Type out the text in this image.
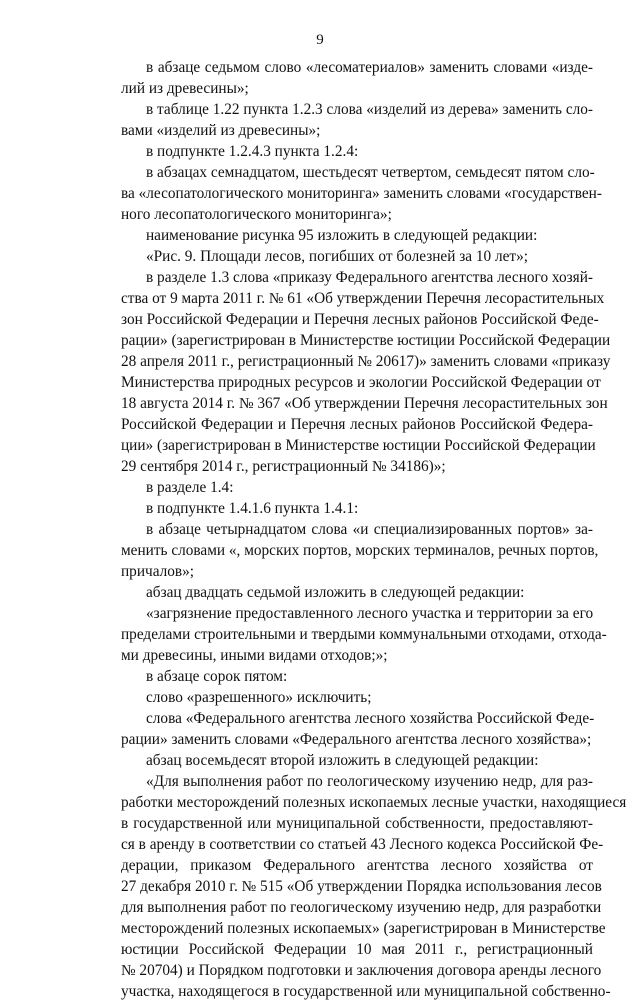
9
в абзаце седьмом слово «лесоматериалов» заменить словами «изде-
лий из древесины»;
в таблице 1.22 пункта 1.2.3 слова «изделий из дерева» заменить сло-
вами «изделий из древесины»;
в подпункте 1.2.4.3 пункта 1.2.4:
в абзацах семнадцатом, шестьдесят четвертом, семьдесят пятом сло-
ва «лесопатологического мониторинга» заменить словами «государствен-
ного лесопатологического мониторинга»;
наименование рисунка 95 изложить в следующей редакции:
«Рис. 9. Площади лесов, погибших от болезней за 10 лет»;
в разделе 1.3 слова «приказу Федерального агентства лесного хозяй-
ства от 9 марта 2011 г. № 61 «Об утверждении Перечня лесорастительных
зон Российской Федерации и Перечня лесных районов Российской Феде-
рации» (зарегистрирован в Министерстве юстиции Российской Федерации
28 апреля 2011 г., регистрационный № 20617)» заменить словами «приказу
Министерства природных ресурсов и экологии Российской Федерации от
18 августа 2014 г. № 367 «Об утверждении Перечня лесорастительных зон
Российской Федерации и Перечня лесных районов Российской Федера-
ции» (зарегистрирован в Министерстве юстиции Российской Федерации
29 сентября 2014 г., регистрационный № 34186)»;
в разделе 1.4:
в подпункте 1.4.1.6 пункта 1.4.1:
в абзаце четырнадцатом слова «и специализированных портов» за-
менить словами «, морских портов, морских терминалов, речных портов,
причалов»;
абзац двадцать седьмой изложить в следующей редакции:
«загрязнение предоставленного лесного участка и территории за его
пределами строительными и твердыми коммунальными отходами, отхода-
ми древесины, иными видами отходов;»;
в абзаце сорок пятом:
слово «разрешенного» исключить;
слова «Федерального агентства лесного хозяйства Российской Феде-
рации» заменить словами «Федерального агентства лесного хозяйства»;
абзац восемьдесят второй изложить в следующей редакции:
«Для выполнения работ по геологическому изучению недр, для раз-
работки месторождений полезных ископаемых лесные участки, находящиеся
в государственной или муниципальной собственности, предоставляют-
ся в аренду в соответствии со статьей 43 Лесного кодекса Российской Фе-
дерации, приказом Федерального агентства лесного хозяйства от
27 декабря 2010 г. № 515 «Об утверждении Порядка использования лесов
для выполнения работ по геологическому изучению недр, для разработки
месторождений полезных ископаемых» (зарегистрирован в Министерстве
юстиции Российской Федерации 10 мая 2011 г., регистрационный
№ 20704) и Порядком подготовки и заключения договора аренды лесного
участка, находящегося в государственной или муниципальной собственно-
